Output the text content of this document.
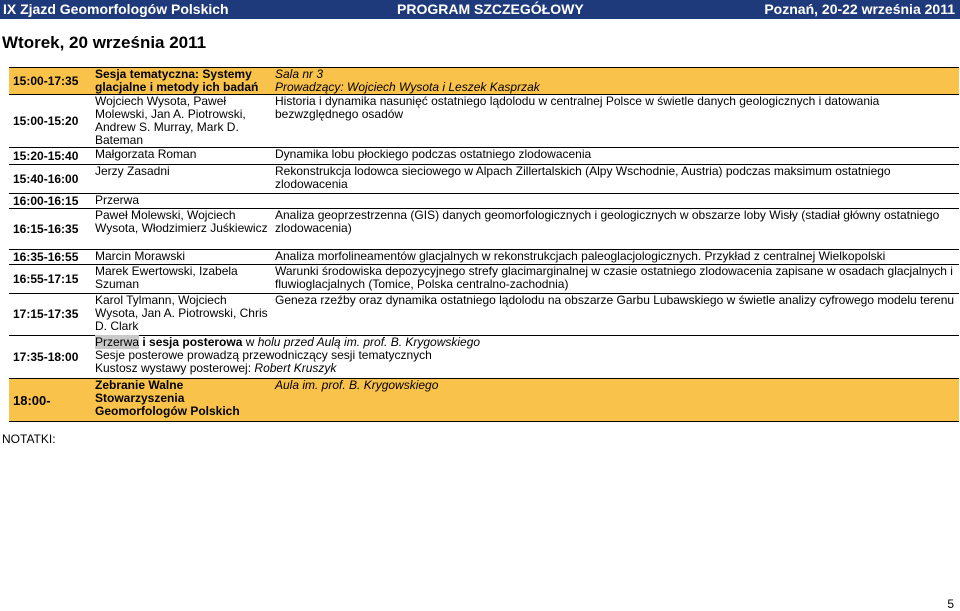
IX Zjazd Geomorfologów Polskich	PROGRAM SZCZEGÓŁOWY	Poznań, 20-22 września 2011
Wtorek, 20 września 2011
15:00-17:35	Sesja tematyczna: Systemy glacjalne i metody ich badań	Sala nr 3
Prowadzący: Wojciech Wysota i Leszek Kasprzak

15:00-15:20	Wojciech Wysota, Paweł Molewski, Jan A. Piotrowski, Andrew S. Murray, Mark D. Bateman	Historia i dynamika nasunięć ostatniego lądolodu w centralnej Polsce w świetle danych geologicznych i datowania bezwzględnego osadów
15:20-15:40	Małgorzata Roman	Dynamika lobu płockiego podczas ostatniego zlodowacenia
15:40-16:00	Jerzy Zasadni	Rekonstrukcja lodowca sieciowego w Alpach Zillertalskich (Alpy Wschodnie, Austria) podczas maksimum ostatniego zlodowacenia
16:00-16:15	Przerwa	
16:15-16:35	Paweł Molewski, Wojciech Wysota, Włodzimierz Juśkiewicz	Analiza geoprzestrzenna (GIS) danych geomorfologicznych i geologicznych w obszarze loby Wisły (stadiał główny ostatniego zlodowacenia)
16:35-16:55	Marcin Morawski	Analiza morfolineamentów glacjalnych w rekonstrukcjach paleoglacjologicznych. Przykład z centralnej Wielkopolski
16:55-17:15	Marek Ewertowski, Izabela Szuman	Warunki środowiska depozycyjnego strefy glacimarginalnej w czasie ostatniego zlodowacenia zapisane w osadach glacjalnych i fluwioglacjalnych (Tomice, Polska centralno-zachodnia)
17:15-17:35	Karol Tylmann, Wojciech Wysota, Jan A. Piotrowski, Chris D. Clark	Geneza rzeźby oraz dynamika ostatniego lądolodu na obszarze Garbu Lubawskiego w świetle analizy cyfrowego modelu terenu
17:35-18:00	Przerwa i sesja posterowa w holu przed Aulą im. prof. B. Krygowskiego
Sesje posterowe prowadzą przewodniczący sesji tematycznych
Kustosz wystawy posterowej: Robert Kruszyk	

18:00-	Zebranie Walne Stowarzyszenia Geomorfologów Polskich	Aula im. prof. B. Krygowskiego
NOTATKI:
5
